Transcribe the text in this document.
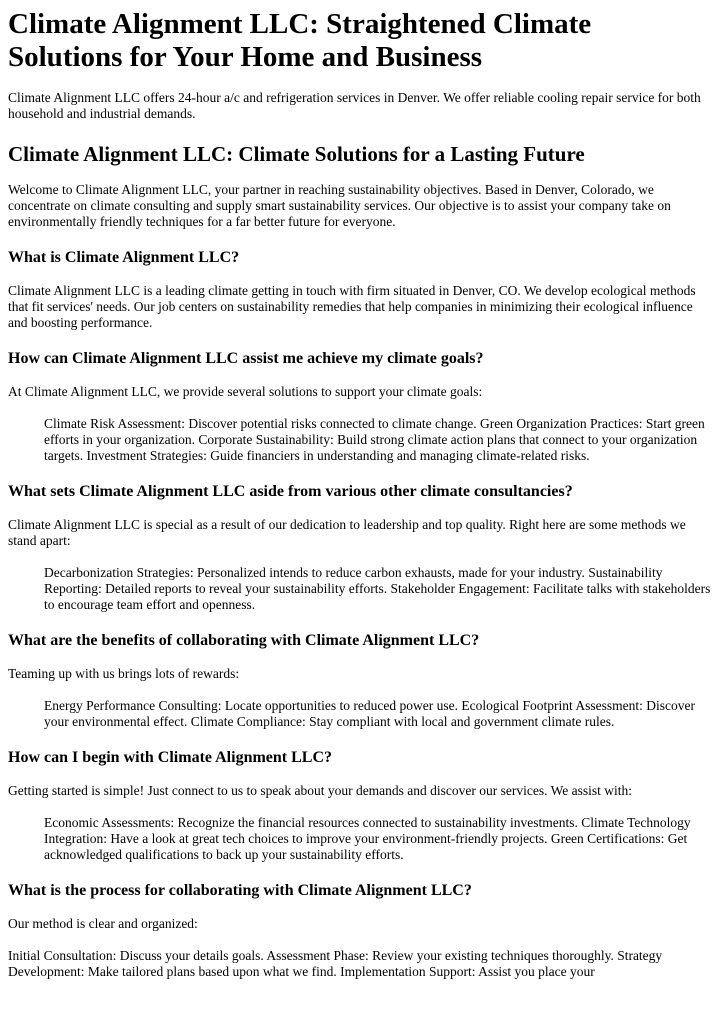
Climate Alignment LLC: Straightened Climate Solutions for Your Home and Business

Climate Alignment LLC offers 24-hour a/c and refrigeration services in Denver. We offer reliable cooling repair service for both household and industrial demands.

Climate Alignment LLC: Climate Solutions for a Lasting Future

Welcome to Climate Alignment LLC, your partner in reaching sustainability objectives. Based in Denver, Colorado, we concentrate on climate consulting and supply smart sustainability services. Our objective is to assist your company take on environmentally friendly techniques for a far better future for everyone.

What is Climate Alignment LLC?

Climate Alignment LLC is a leading climate getting in touch with firm situated in Denver, CO. We develop ecological methods that fit services' needs. Our job centers on sustainability remedies that help companies in minimizing their ecological influence and boosting performance.

How can Climate Alignment LLC assist me achieve my climate goals?

At Climate Alignment LLC, we provide several solutions to support your climate goals:

Climate Risk Assessment: Discover potential risks connected to climate change. Green Organization Practices: Start green efforts in your organization. Corporate Sustainability: Build strong climate action plans that connect to your organization targets. Investment Strategies: Guide financiers in understanding and managing climate-related risks.
What sets Climate Alignment LLC aside from various other climate consultancies?

Climate Alignment LLC is special as a result of our dedication to leadership and top quality. Right here are some methods we stand apart:

Decarbonization Strategies: Personalized intends to reduce carbon exhausts, made for your industry. Sustainability Reporting: Detailed reports to reveal your sustainability efforts. Stakeholder Engagement: Facilitate talks with stakeholders to encourage team effort and openness.
What are the benefits of collaborating with Climate Alignment LLC?

Teaming up with us brings lots of rewards:

Energy Performance Consulting: Locate opportunities to reduced power use. Ecological Footprint Assessment: Discover your environmental effect. Climate Compliance: Stay compliant with local and government climate rules.
How can I begin with Climate Alignment LLC?

Getting started is simple! Just connect to us to speak about your demands and discover our services. We assist with:

Economic Assessments: Recognize the financial resources connected to sustainability investments. Climate Technology Integration: Have a look at great tech choices to improve your environment-friendly projects. Green Certifications: Get acknowledged qualifications to back up your sustainability efforts.
What is the process for collaborating with Climate Alignment LLC?

Our method is clear and organized:

Initial Consultation: Discuss your details goals. Assessment Phase: Review your existing techniques thoroughly. Strategy Development: Make tailored plans based upon what we find. Implementation Support: Assist you place your
